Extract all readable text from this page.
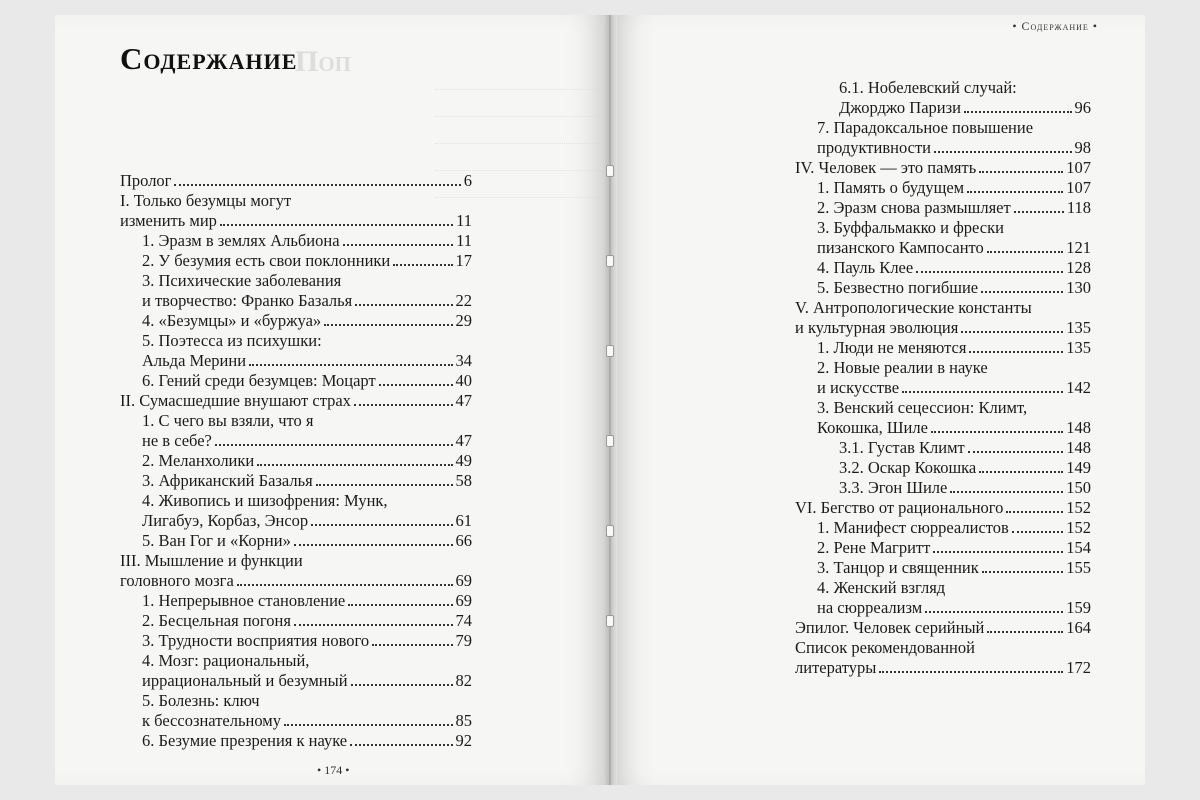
Поп
Содержание
Пролог	6
I. Только безумцы могут
изменить мир	11
1. Эразм в землях Альбиона	11
2. У безумия есть свои поклонники	17
3. Психические заболевания
и творчество: Франко Базалья	22
4. «Безумцы» и «буржуа»	29
5. Поэтесса из психушки:
Альда Мерини	34
6. Гений среди безумцев: Моцарт	40
II. Сумасшедшие внушают страх	47
1. С чего вы взяли, что я
не в себе?	47
2. Меланхолики	49
3. Африканский Базалья	58
4. Живопись и шизофрения: Мунк,
Лигабуэ, Корбаз, Энсор	61
5. Ван Гог и «Корни»	66
III. Мышление и функции
головного мозга	69
1. Непрерывное становление	69
2. Бесцельная погоня	74
3. Трудности восприятия нового	79
4. Мозг: рациональный,
иррациональный и безумный	82
5. Болезнь: ключ
к бессознательному	85
6. Безумие презрения к науке	92
• 174 •
• Содержание •
6.1. Нобелевский случай:
Джорджо Паризи	96
7. Парадоксальное повышение
продуктивности	98
IV. Человек — это память	107
1. Память о будущем	107
2. Эразм снова размышляет	118
3. Буффальмакко и фрески
пизанского Кампосанто	121
4. Пауль Клее	128
5. Безвестно погибшие	130
V. Антропологические константы
и культурная эволюция	135
1. Люди не меняются	135
2. Новые реалии в науке
и искусстве	142
3. Венский сецессион: Климт,
Кокошка, Шиле	148
3.1. Густав Климт	148
3.2. Оскар Кокошка	149
3.3. Эгон Шиле	150
VI. Бегство от рационального	152
1. Манифест сюрреалистов	152
2. Рене Магритт	154
3. Танцор и священник	155
4. Женский взгляд
на сюрреализм	159
Эпилог. Человек серийный	164
Список рекомендованной
литературы	172
